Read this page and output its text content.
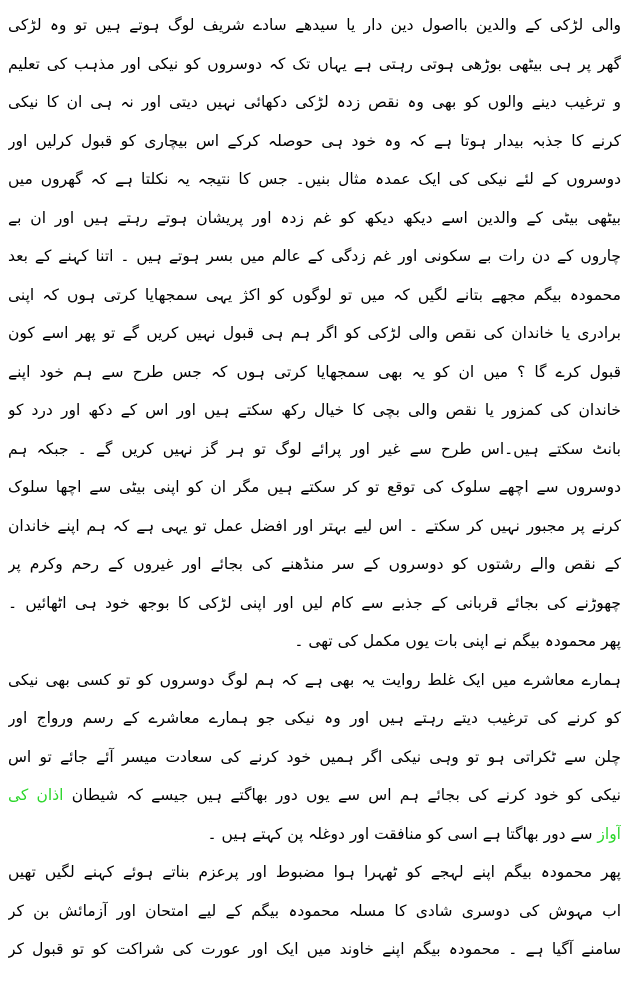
والی لڑکی کے والدین بااصول دین دار یا سیدھے سادے شریف لوگ ہوتے ہیں تو وہ لڑکی
گھر پر ہی بیٹھی بوڑھی ہوتی رہتی ہے یہاں تک کہ دوسروں کو نیکی اور مذہب کی تعلیم
و ترغیب دینے والوں کو بھی وہ نقص زدہ لڑکی دکھائی نہیں دیتی اور نہ ہی ان کا نیکی
کرنے کا جذبہ بیدار ہوتا ہے کہ وہ خود ہی حوصلہ کرکے اس بیچاری کو قبول کرلیں اور
دوسروں کے لئے نیکی کی ایک عمدہ مثال بنیں۔ جس کا نتیجہ یہ نکلتا ہے کہ گھروں میں
بیٹھی بیٹی کے والدین اسے دیکھ دیکھ کو غم زدہ اور پریشان ہوتے رہتے ہیں اور ان بے
چاروں کے دن رات بے سکونی اور غم زدگی کے عالم میں بسر ہوتے ہیں ۔ اتنا کہنے کے بعد
محمودہ بیگم مجھے بتانے لگیں کہ میں تو لوگوں کو اکژ یہی سمجھایا کرتی ہوں کہ اپنی
برادری یا خاندان کی نقص والی لڑکی کو اگر ہم ہی قبول نہیں کریں گے تو پھر اسے کون
قبول کرے گا ؟ میں ان کو یہ بھی سمجھایا کرتی ہوں کہ جس طرح سے ہم خود اپنے
خاندان کی کمزور یا نقص والی بچی کا خیال رکھ سکتے ہیں اور اس کے دکھ اور درد کو
بانٹ سکتے ہیں۔اس طرح سے غیر اور پرائے لوگ تو ہر گز نہیں کریں گے ۔ جبکہ ہم
دوسروں سے اچھے سلوک کی توقع تو کر سکتے ہیں مگر ان کو اپنی بیٹی سے اچھا سلوک
کرنے پر مجبور نہیں کر سکتے ۔ اس لیے بہتر اور افضل عمل تو یہی ہے کہ ہم اپنے خاندان
کے نقص والے رشتوں کو دوسروں کے سر منڈھنے کی بجائے اور غیروں کے رحم وکرم پر
چھوڑنے کی بجائے قربانی کے جذبے سے کام لیں اور اپنی لڑکی کا بوجھ خود ہی اٹھائیں ۔
پھر محمودہ بیگم نے اپنی بات یوں مکمل کی تھی ۔
ہمارے معاشرے میں ایک غلط روایت یہ بھی ہے کہ ہم لوگ دوسروں کو تو کسی بھی نیکی
کو کرنے کی ترغیب دیتے رہتے ہیں اور وہ نیکی جو ہمارے معاشرے کے رسم ورواج اور
چلن سے ٹکراتی ہو تو وہی نیکی اگر ہمیں خود کرنے کی سعادت میسر آئے جائے تو اس
نیکی کو خود کرنے کی بجائے ہم اس سے یوں دور بھاگتے ہیں جیسے کہ شیطان اذان کی
آواز سے دور بھاگتا ہے اسی کو منافقت اور دوغلہ پن کہتے ہیں ۔
پھر محمودہ بیگم اپنے لہجے کو ٹھہرا ہوا مضبوط اور پرعزم بناتے ہوئے کہنے لگیں تھیں
اب مہوش کی دوسری شادی کا مسلہ محمودہ بیگم کے لیے امتحان اور آزمائش بن کر
سامنے آگیا ہے ۔ محمودہ بیگم اپنے خاوند میں ایک اور عورت کی شراکت کو تو قبول کر
